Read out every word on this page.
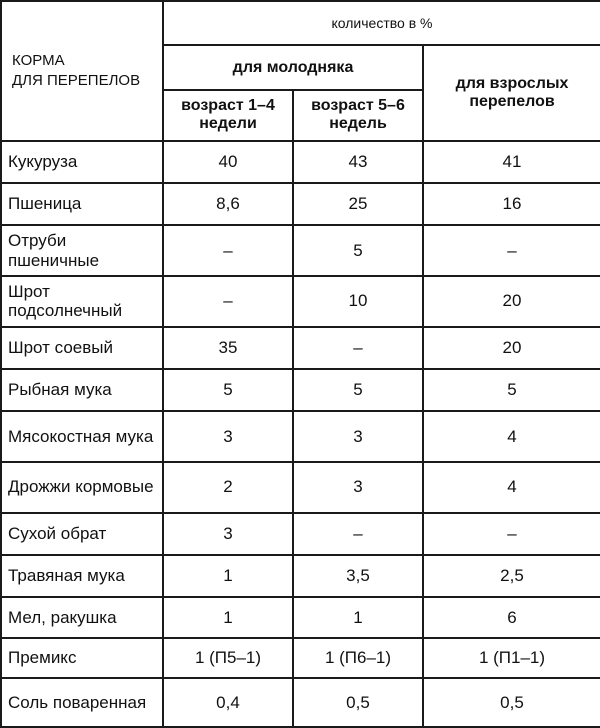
КОРМА
ДЛЯ ПЕРЕПЕЛОВ	количество в %		
	для молодняка		для взрослых перепелов
	возраст 1–4 недели	возраст 5–6 недель	
Кукуруза	40	43	41
Пшеница	8,6	25	16
Отруби пшеничные	–	5	–
Шрот подсолнечный	–	10	20
Шрот соевый	35	–	20
Рыбная мука	5	5	5
Мясокостная мука	3	3	4
Дрожжи кормовые	2	3	4
Сухой обрат	3	–	–
Травяная мука	1	3,5	2,5
Мел, ракушка	1	1	6
Премикс	1 (П5–1)	1 (П6–1)	1 (П1–1)
Соль поваренная	0,4	0,5	0,5
